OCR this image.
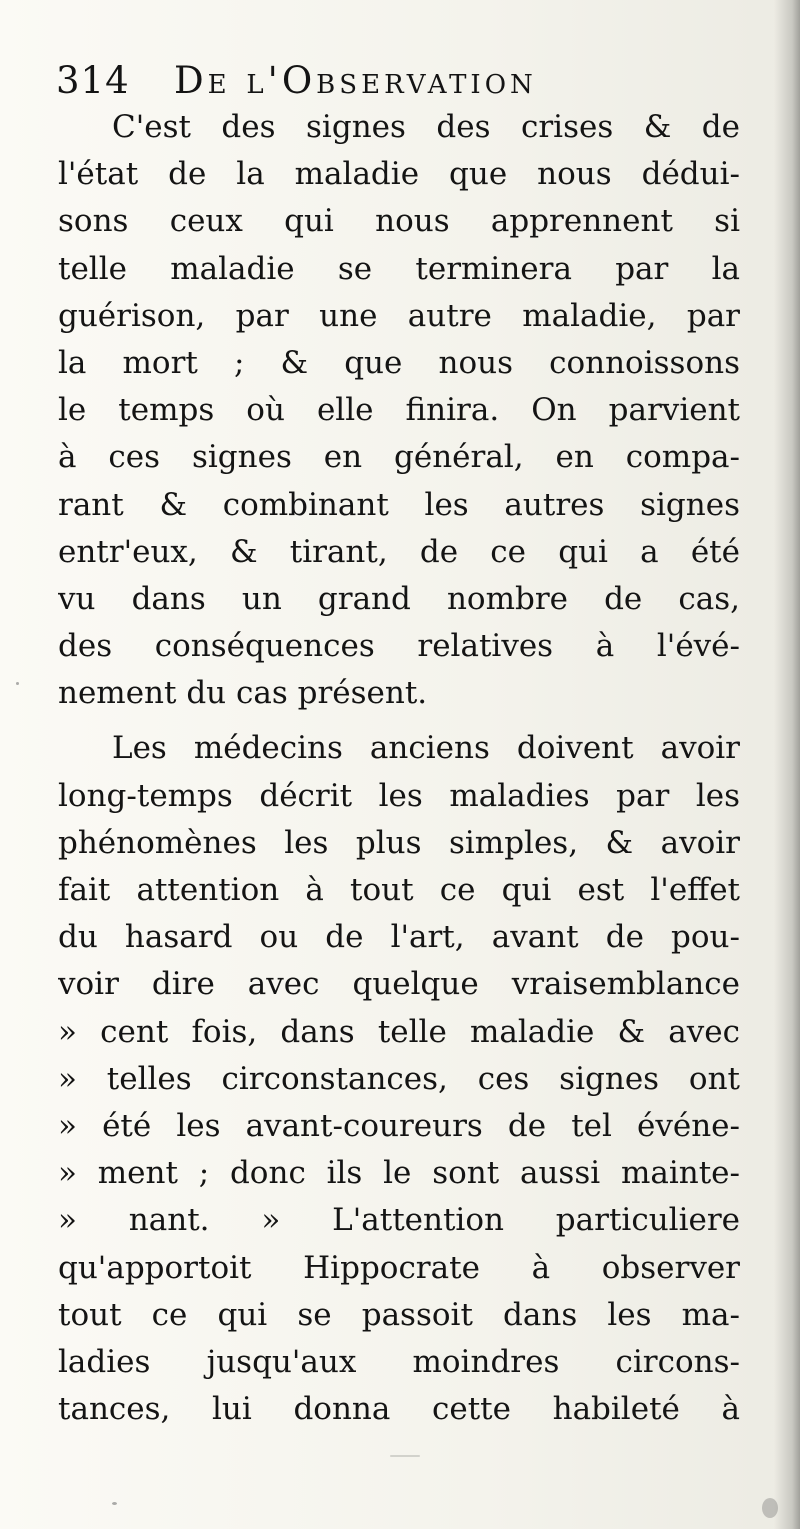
314 De l'Observation
C'est des signes des crises & de
l'état de la maladie que nous dédui-
sons ceux qui nous apprennent si
telle maladie se terminera par la
guérison, par une autre maladie, par
la mort ; & que nous connoissons
le temps où elle finira. On parvient
à ces signes en général, en compa-
rant & combinant les autres signes
entr'eux, & tirant, de ce qui a été
vu dans un grand nombre de cas,
des conséquences relatives à l'évé-
nement du cas présent.
Les médecins anciens doivent avoir
long-temps décrit les maladies par les
phénomènes les plus simples, & avoir
fait attention à tout ce qui est l'effet
du hasard ou de l'art, avant de pou-
voir dire avec quelque vraisemblance
» cent fois, dans telle maladie & avec
» telles circonstances, ces signes ont
» été les avant-coureurs de tel événe-
» ment ; donc ils le sont aussi mainte-
» nant. » L'attention particuliere
qu'apportoit Hippocrate à observer
tout ce qui se passoit dans les ma-
ladies jusqu'aux moindres circons-
tances, lui donna cette habileté à
